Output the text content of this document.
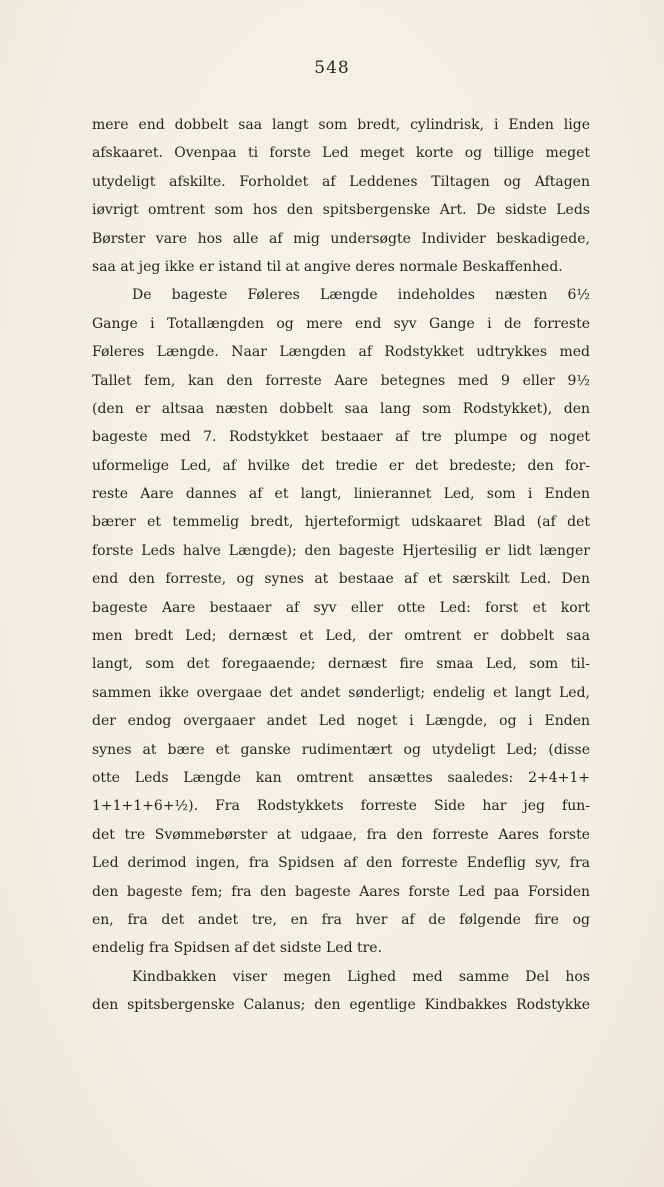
548
mere end dobbelt saa langt som bredt, cylindrisk, i Enden lige
afskaaret. Ovenpaa ti forste Led meget korte og tillige meget
utydeligt afskilte. Forholdet af Leddenes Tiltagen og Aftagen
iøvrigt omtrent som hos den spitsbergenske Art. De sidste Leds
Børster vare hos alle af mig undersøgte Individer beskadigede,
saa at jeg ikke er istand til at angive deres normale Beskaffenhed.
De bageste Føleres Længde indeholdes næsten 6½
Gange i Totallængden og mere end syv Gange i de forreste
Føleres Længde. Naar Længden af Rodstykket udtrykkes med
Tallet fem, kan den forreste Aare betegnes med 9 eller 9½
(den er altsaa næsten dobbelt saa lang som Rodstykket), den
bageste med 7. Rodstykket bestaaer af tre plumpe og noget
uformelige Led, af hvilke det tredie er det bredeste; den for-
reste Aare dannes af et langt, linierannet Led, som i Enden
bærer et temmelig bredt, hjerteformigt udskaaret Blad (af det
forste Leds halve Længde); den bageste Hjertesilig er lidt længer
end den forreste, og synes at bestaae af et særskilt Led. Den
bageste Aare bestaaer af syv eller otte Led: forst et kort
men bredt Led; dernæst et Led, der omtrent er dobbelt saa
langt, som det foregaaende; dernæst fire smaa Led, som til-
sammen ikke overgaae det andet sønderligt; endelig et langt Led,
der endog overgaaer andet Led noget i Længde, og i Enden
synes at bære et ganske rudimentært og utydeligt Led; (disse
otte Leds Længde kan omtrent ansættes saaledes: 2+4+1+
1+1+1+6+½). Fra Rodstykkets forreste Side har jeg fun-
det tre Svømmebørster at udgaae, fra den forreste Aares forste
Led derimod ingen, fra Spidsen af den forreste Endeflig syv, fra
den bageste fem; fra den bageste Aares forste Led paa Forsiden
en, fra det andet tre, en fra hver af de følgende fire og
endelig fra Spidsen af det sidste Led tre.
Kindbakken viser megen Lighed med samme Del hos
den spitsbergenske Calanus; den egentlige Kindbakkes Rodstykke
